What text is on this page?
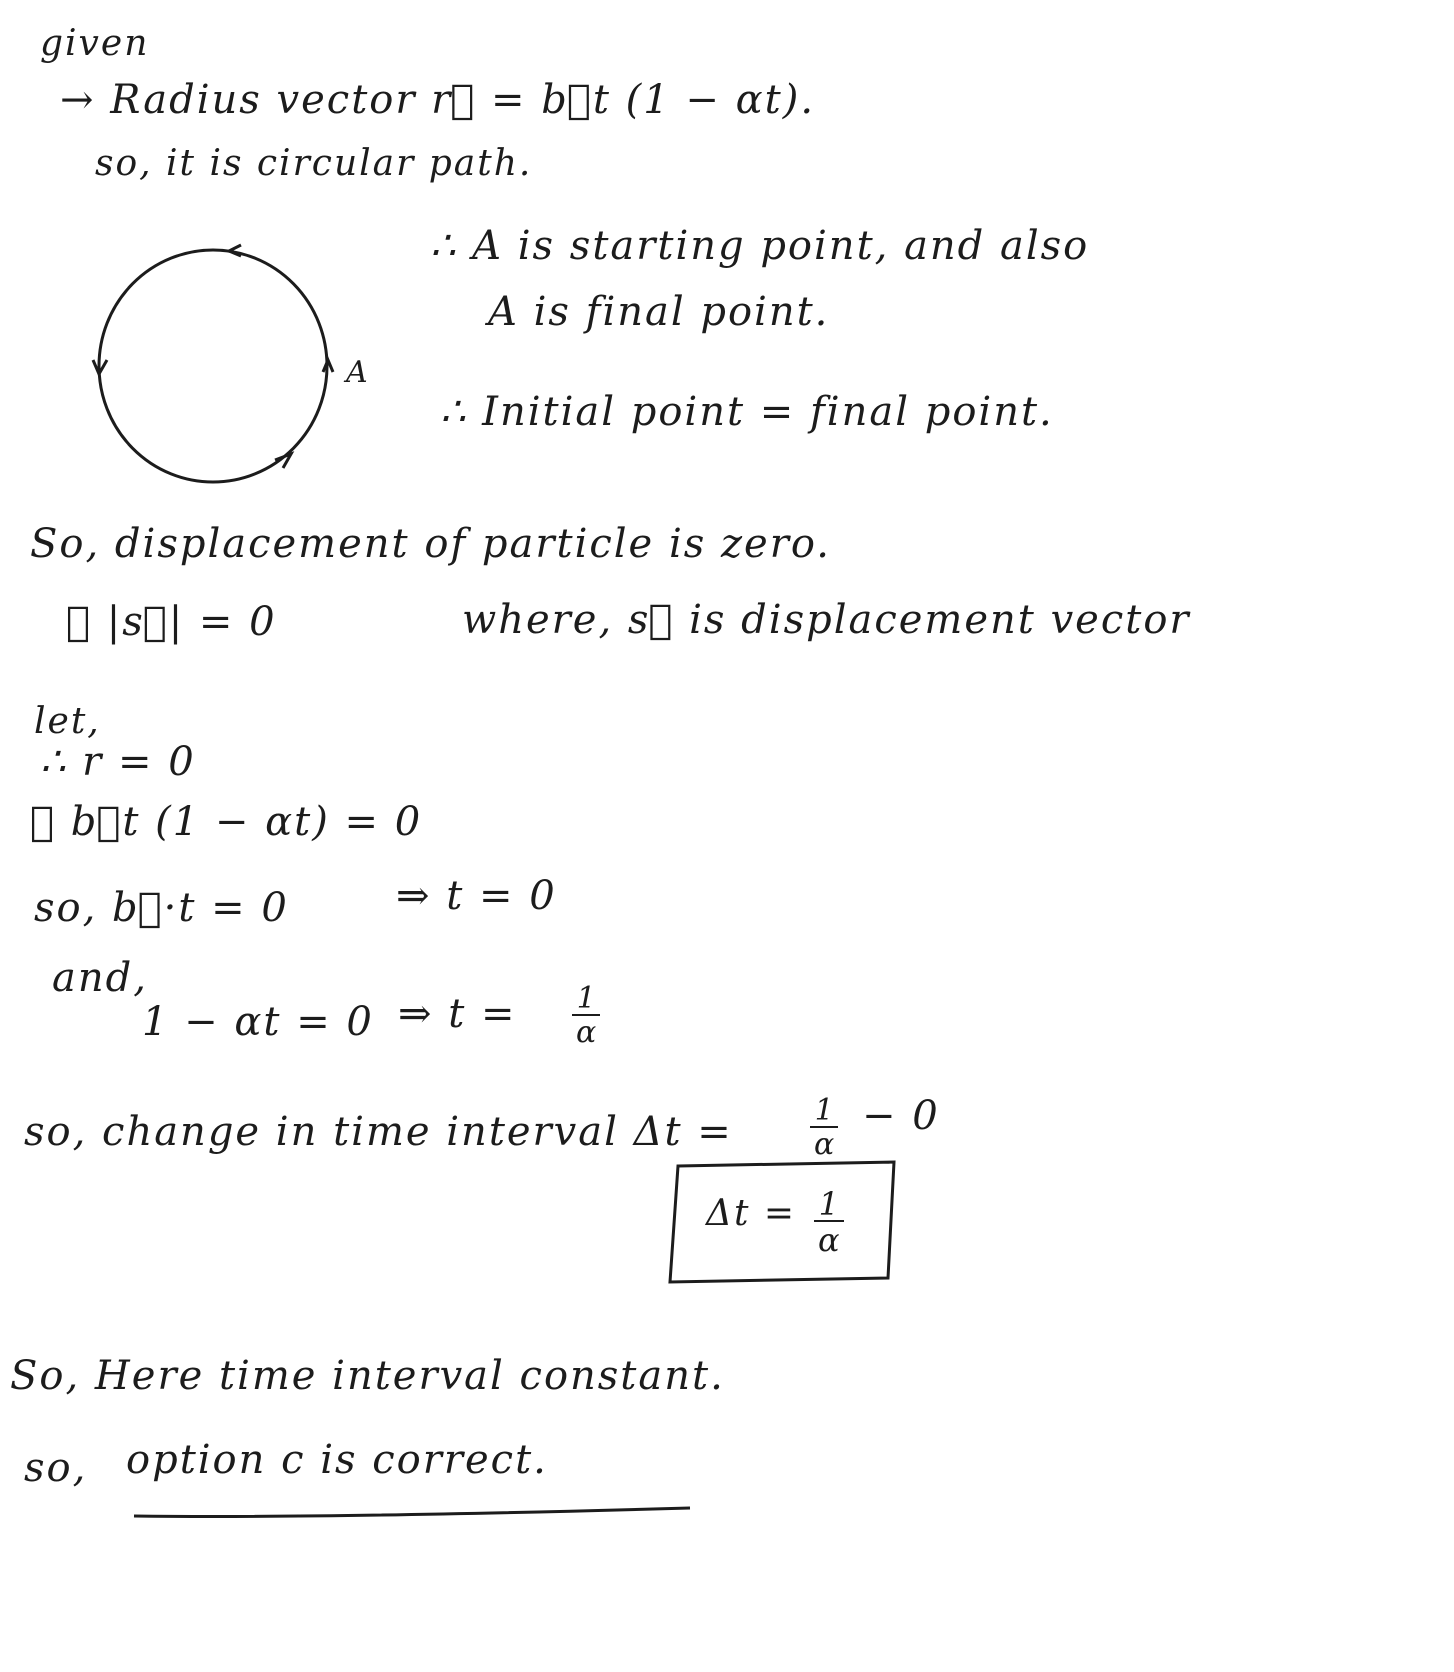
given
→ Radius vector r⃗ = b⃗t (1 − αt).
so, it is circular path.
A
∴ A is starting point, and also
A is final point.
∴ Initial point = final point.
So, displacement of particle is zero.
∴ |s⃗| = 0	where, s⃗ is displacement vector
let,
∴ r = 0
∴ b⃗t (1 − αt) = 0
so, b⃗·t = 0	⇒ t = 0
and,
1 − αt = 0 ⇒ $t = \frac{1}{\alpha}$
so, change in time interval Δt =	$\frac{1}{\alpha} - 0$
$\Delta t = \frac{1}{\alpha}$
So, Here time interval constant.
so, option c is correct.
